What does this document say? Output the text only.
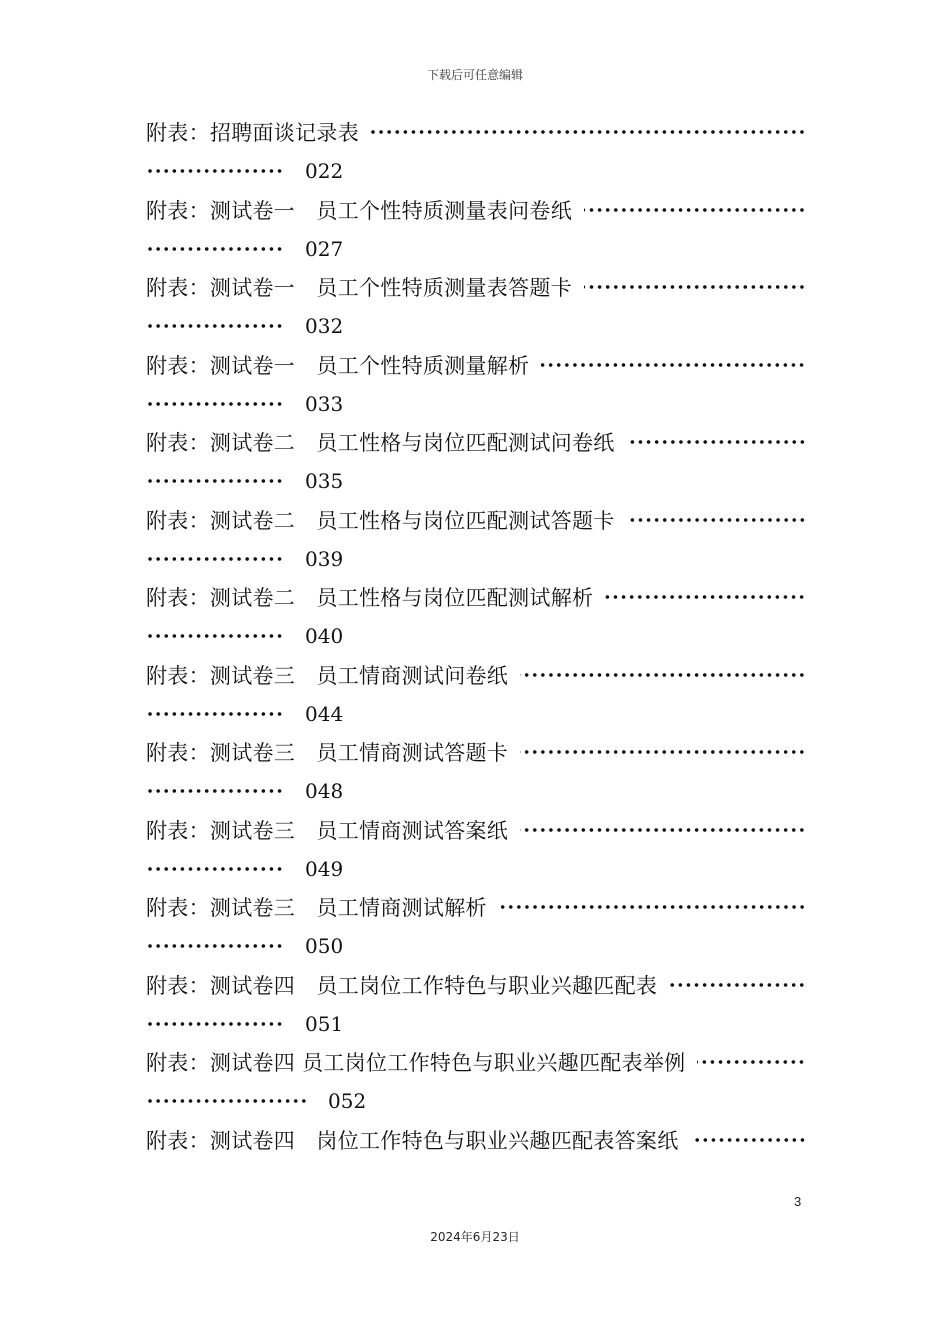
下载后可任意编辑
附表：招聘面谈记录表
022
附表：测试卷一　员工个性特质测量表问卷纸
027
附表：测试卷一　员工个性特质测量表答题卡
032
附表：测试卷一　员工个性特质测量解析
033
附表：测试卷二　员工性格与岗位匹配测试问卷纸
035
附表：测试卷二　员工性格与岗位匹配测试答题卡
039
附表：测试卷二　员工性格与岗位匹配测试解析
040
附表：测试卷三　员工情商测试问卷纸
044
附表：测试卷三　员工情商测试答题卡
048
附表：测试卷三　员工情商测试答案纸
049
附表：测试卷三　员工情商测试解析
050
附表：测试卷四　员工岗位工作特色与职业兴趣匹配表
051
附表：测试卷四 员工岗位工作特色与职业兴趣匹配表举例
052
附表：测试卷四　岗位工作特色与职业兴趣匹配表答案纸
3
2024年6月23日
